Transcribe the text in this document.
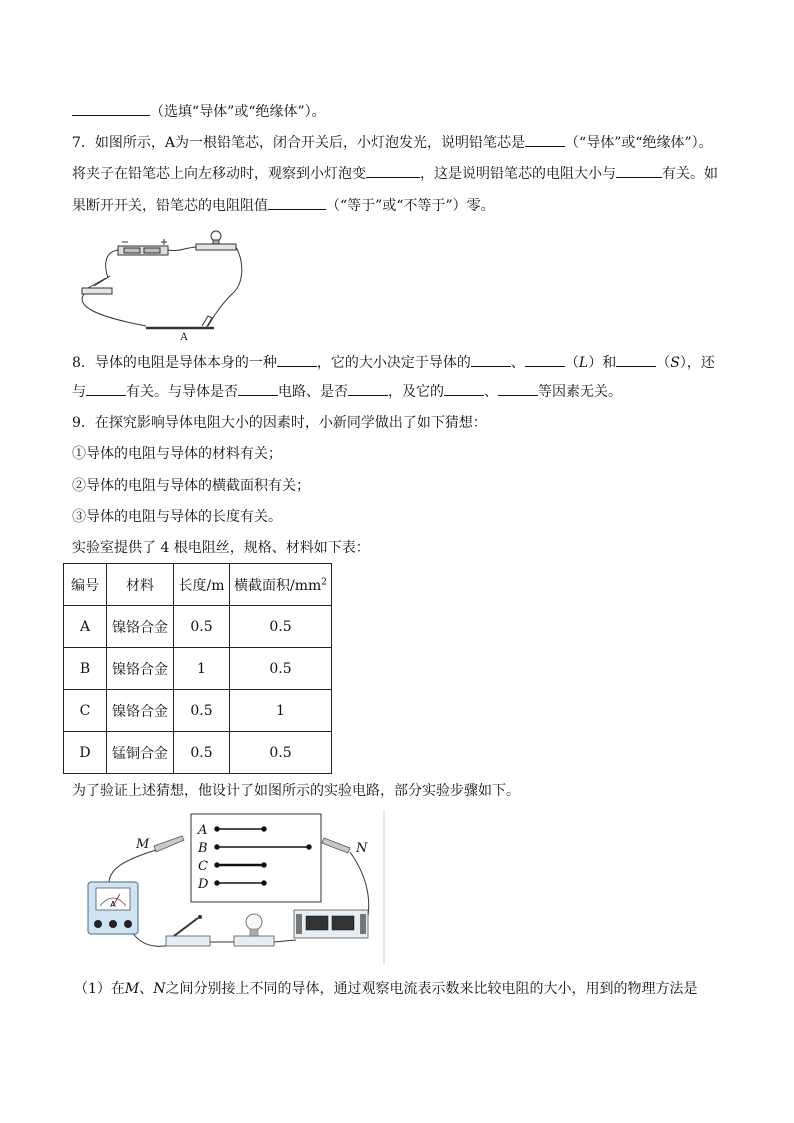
（选填“导体”或“绝缘体”）。
7．如图所示，A为一根铅笔芯，闭合开关后，小灯泡发光，说明铅笔芯是	（“导体”或“绝缘体”）。
将夹子在铅笔芯上向左移动时，观察到小灯泡变	，这是说明铅笔芯的电阻大小与	有关。如
果断开开关，铅笔芯的电阻阻值	（“等于”或“不等于”）零。
A
8．导体的电阻是导体本身的一种	，它的大小决定于导体的	、	（L）和	（S），还
与	有关。与导体是否	电路、是否	，及它的	、	等因素无关。
9．在探究影响导体电阻大小的因素时，小新同学做出了如下猜想：
①导体的电阻与导体的材料有关；
②导体的电阻与导体的横截面积有关；
③导体的电阻与导体的长度有关。
实验室提供了 4 根电阻丝，规格、材料如下表：
编号	材料	长度/m	横截面积$/mm^2$
A	镍铬合金	0.5	0.5
B	镍铬合金	1	0.5
C	镍铬合金	0.5	1
D	锰铜合金	0.5	0.5
为了验证上述猜想，他设计了如图所示的实验电路，部分实验步骤如下。
A
B
C
D
M	N
A
（1）在M、N之间分别接上不同的导体，通过观察电流表示数来比较电阻的大小，用到的物理方法是
